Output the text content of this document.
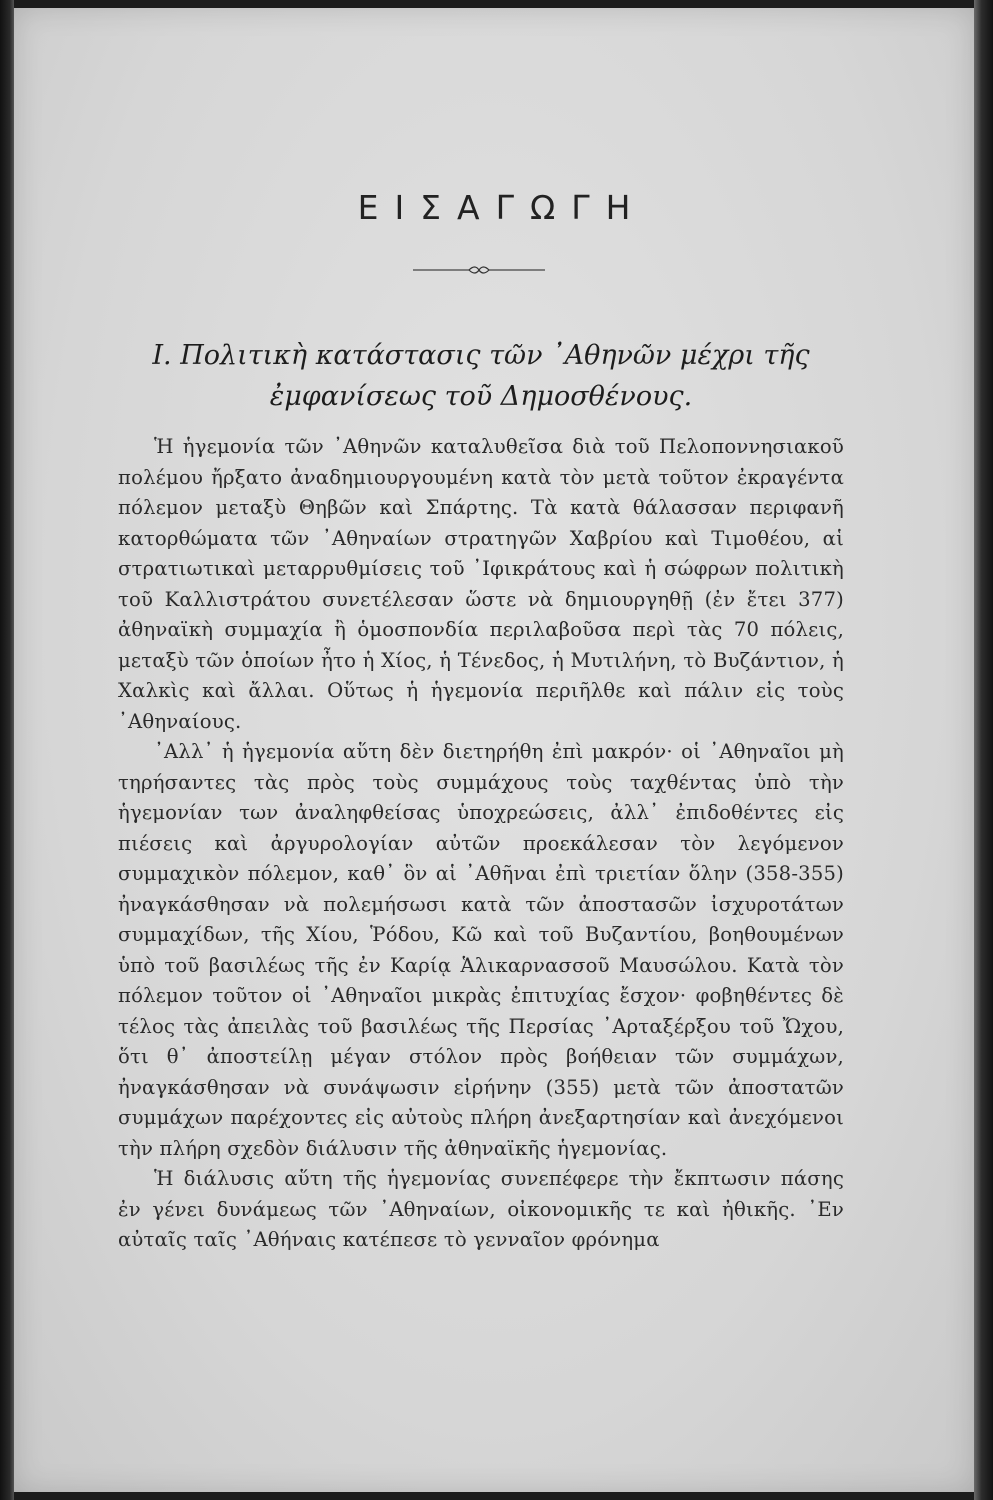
ΕΙΣΑΓΩΓΗ
Ι. Πολιτικὴ κατάστασις τῶν ᾿Αθηνῶν μέχρι τῆς
ἐμφανίσεως τοῦ Δημοσθένους.

Ἡ ἡγεμονία τῶν ᾿Αθηνῶν καταλυθεῖσα διὰ τοῦ Πελοποννησιακοῦ πολέμου ἤρξατο ἀναδημιουργουμένη κατὰ τὸν μετὰ τοῦτον ἐκραγέντα πόλεμον μεταξὺ Θηβῶν καὶ Σπάρτης. Τὰ κατὰ θάλασσαν περιφανῆ κατορθώματα τῶν ᾿Αθηναίων στρατηγῶν Χαβρίου καὶ Τιμοθέου, αἱ στρατιωτικαὶ μεταρρυθμίσεις τοῦ ᾿Ιφικράτους καὶ ἡ σώφρων πολιτικὴ τοῦ Καλλιστράτου συνετέλεσαν ὥστε νὰ δημιουργηθῇ (ἐν ἔτει 377) ἀθηναϊκὴ συμμαχία ἢ ὁμοσπονδία περιλαβοῦσα περὶ τὰς 70 πόλεις, μεταξὺ τῶν ὁποίων ἦτο ἡ Χίος, ἡ Τένεδος, ἡ Μυτιλήνη, τὸ Βυζάντιον, ἡ Χαλκὶς καὶ ἄλλαι. Οὕτως ἡ ἡγεμονία περιῆλθε καὶ πάλιν εἰς τοὺς ᾿Αθηναίους.

᾿Αλλ᾿ ἡ ἡγεμονία αὕτη δὲν διετηρήθη ἐπὶ μακρόν· οἱ ᾿Αθηναῖοι μὴ τηρήσαντες τὰς πρὸς τοὺς συμμάχους τοὺς ταχθέντας ὑπὸ τὴν ἡγεμονίαν των ἀναληφθείσας ὑποχρεώσεις, ἀλλ᾿ ἐπιδοθέντες εἰς πιέσεις καὶ ἀργυρολογίαν αὐτῶν προεκάλεσαν τὸν λεγόμενον συμμαχικὸν πόλεμον, καθ᾿ ὃν αἱ ᾿Αθῆναι ἐπὶ τριετίαν ὅλην (358-355) ἠναγκάσθησαν νὰ πολεμήσωσι κατὰ τῶν ἀποστασῶν ἰσχυροτάτων συμμαχίδων, τῆς Χίου, Ῥόδου, Κῶ καὶ τοῦ Βυζαντίου, βοηθουμένων ὑπὸ τοῦ βασιλέως τῆς ἐν Καρίᾳ Ἁλικαρνασσοῦ Μαυσώλου. Κατὰ τὸν πόλεμον τοῦτον οἱ ᾿Αθηναῖοι μικρὰς ἐπιτυχίας ἔσχον· φοβηθέντες δὲ τέλος τὰς ἀπειλὰς τοῦ βασιλέως τῆς Περσίας ᾿Αρταξέρξου τοῦ Ὤχου, ὅτι θ᾿ ἀποστείλῃ μέγαν στόλον πρὸς βοήθειαν τῶν συμμάχων, ἠναγκάσθησαν νὰ συνάψωσιν εἰρήνην (355) μετὰ τῶν ἀποστατῶν συμμάχων παρέχοντες εἰς αὐτοὺς πλήρη ἀνεξαρτησίαν καὶ ἀνεχόμενοι τὴν πλήρη σχεδὸν διάλυσιν τῆς ἀθηναϊκῆς ἡγεμονίας.

Ἡ διάλυσις αὕτη τῆς ἡγεμονίας συνεπέφερε τὴν ἔκπτωσιν πάσης ἐν γένει δυνάμεως τῶν ᾿Αθηναίων, οἰκονομικῆς τε καὶ ἠθικῆς. ᾿Εν αὐταῖς ταῖς ᾿Αθήναις κατέπεσε τὸ γενναῖον φρόνημα
